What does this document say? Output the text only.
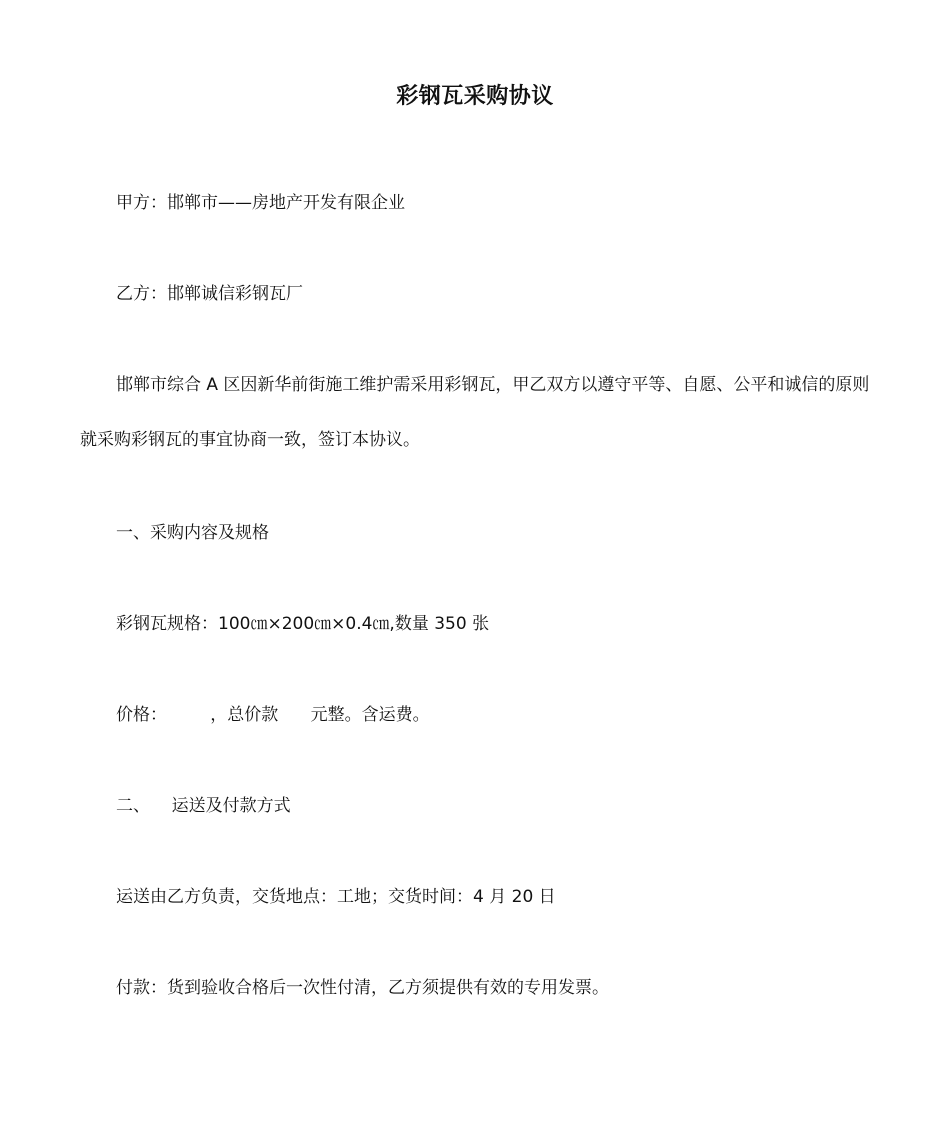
彩钢瓦采购协议
甲方：邯郸市——房地产开发有限企业
乙方：邯郸诚信彩钢瓦厂
邯郸市综合 A 区因新华前街施工维护需采用彩钢瓦，甲乙双方以遵守平等、自愿、公平和诚信的原则就采购彩钢瓦的事宜协商一致，签订本协议。
一、采购内容及规格
彩钢瓦规格：100㎝×200㎝×0.4㎝,数量 350 张
价格：        ，总价款      元整。含运费。
二、    运送及付款方式
运送由乙方负责，交货地点：工地；交货时间：4 月 20 日
付款：货到验收合格后一次性付清，乙方须提供有效的专用发票。
